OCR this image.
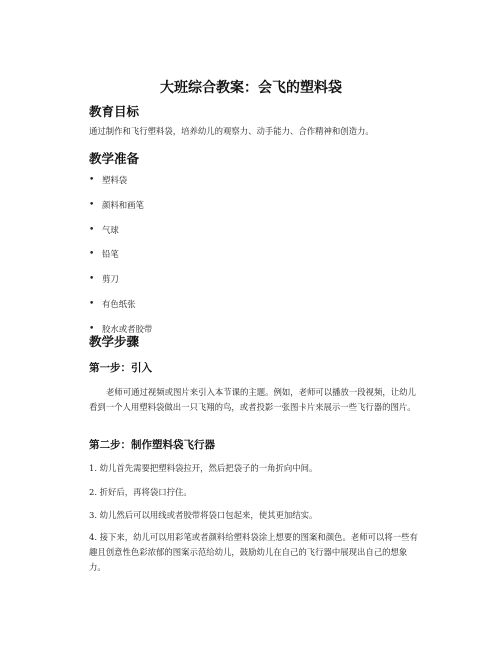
大班综合教案：会飞的塑料袋
教育目标
通过制作和飞行塑料袋，培养幼儿的观察力、动手能力、合作精神和创造力。
教学准备
• 塑料袋
• 颜料和画笔
• 气球
• 铅笔
• 剪刀
• 有色纸张
• 胶水或者胶带
教学步骤
第一步：引入
老师可通过视频或图片来引入本节课的主题。例如，老师可以播放一段视频，让幼儿看到一个人用塑料袋做出一只飞翔的鸟，或者投影一张图卡片来展示一些飞行器的图片。
第二步：制作塑料袋飞行器
1. 幼儿首先需要把塑料袋拉开，然后把袋子的一角折向中间。
2. 折好后，再将袋口拧住。
3. 幼儿然后可以用线或者胶带将袋口包起来，使其更加结实。
4. 接下来，幼儿可以用彩笔或者颜料给塑料袋涂上想要的图案和颜色。老师可以将一些有趣且创意性色彩浓郁的图案示范给幼儿，鼓励幼儿在自己的飞行器中展现出自己的想象力。
